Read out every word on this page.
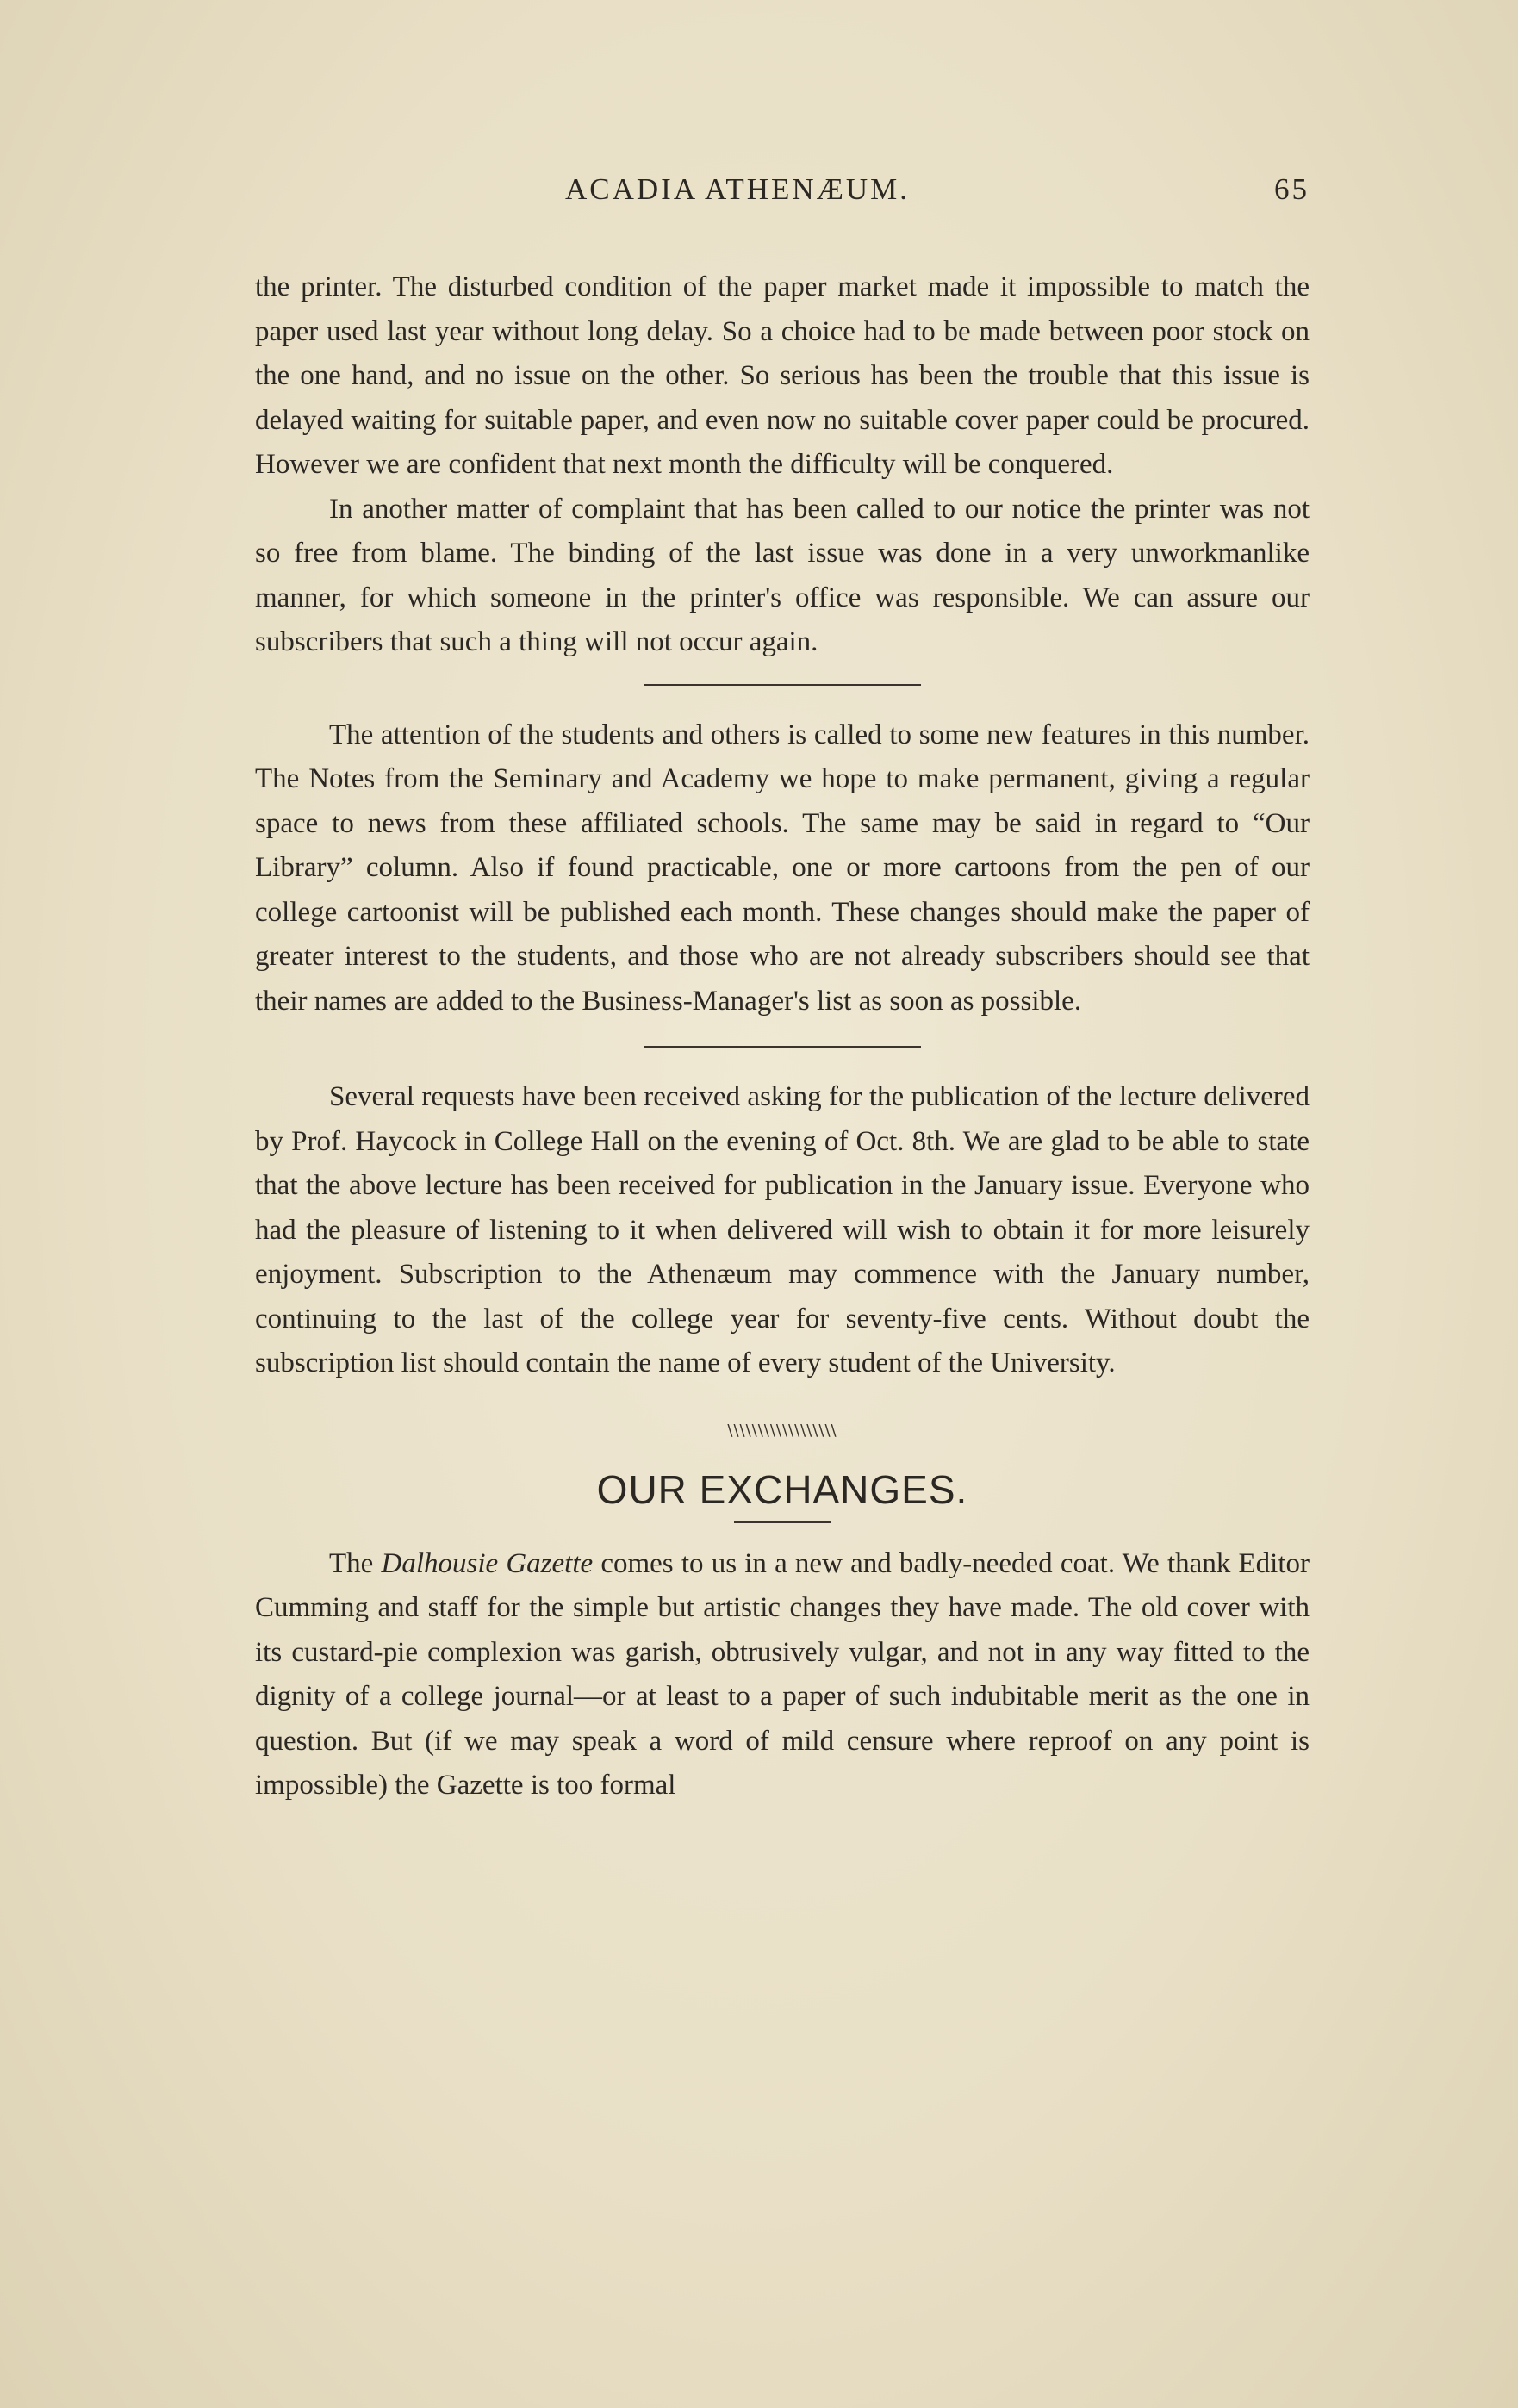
ACADIA ATHENÆUM.	65

the printer. The disturbed condition of the paper market made it impossible to match the paper used last year without long delay. So a choice had to be made between poor stock on the one hand, and no issue on the other. So serious has been the trouble that this issue is delayed waiting for suitable paper, and even now no suitable cover paper could be procured. However we are confident that next month the difficulty will be conquered.

In another matter of complaint that has been called to our notice the printer was not so free from blame. The binding of the last issue was done in a very unworkmanlike manner, for which someone in the printer's office was responsible. We can assure our subscribers that such a thing will not occur again.

The attention of the students and others is called to some new features in this number. The Notes from the Seminary and Academy we hope to make permanent, giving a regular space to news from these affiliated schools. The same may be said in regard to “Our Library” column. Also if found practicable, one or more cartoons from the pen of our college cartoonist will be published each month. These changes should make the paper of greater interest to the students, and those who are not already subscribers should see that their names are added to the Business-Manager's list as soon as possible.

Several requests have been received asking for the publication of the lecture delivered by Prof. Haycock in College Hall on the evening of Oct. 8th. We are glad to be able to state that the above lecture has been received for publication in the January issue. Everyone who had the pleasure of listening to it when delivered will wish to obtain it for more leisurely enjoyment. Subscription to the Athenæum may commence with the January number, continuing to the last of the college year for seventy-five cents. Without doubt the subscription list should contain the name of every student of the University.

\\\\\\\\\\\\\\\\\\
OUR EXCHANGES.

The Dalhousie Gazette comes to us in a new and badly-needed coat. We thank Editor Cumming and staff for the simple but artistic changes they have made. The old cover with its custard-pie complexion was garish, obtrusively vulgar, and not in any way fitted to the dignity of a college journal—or at least to a paper of such indubitable merit as the one in question. But (if we may speak a word of mild censure where reproof on any point is impossible) the Gazette is too formal
